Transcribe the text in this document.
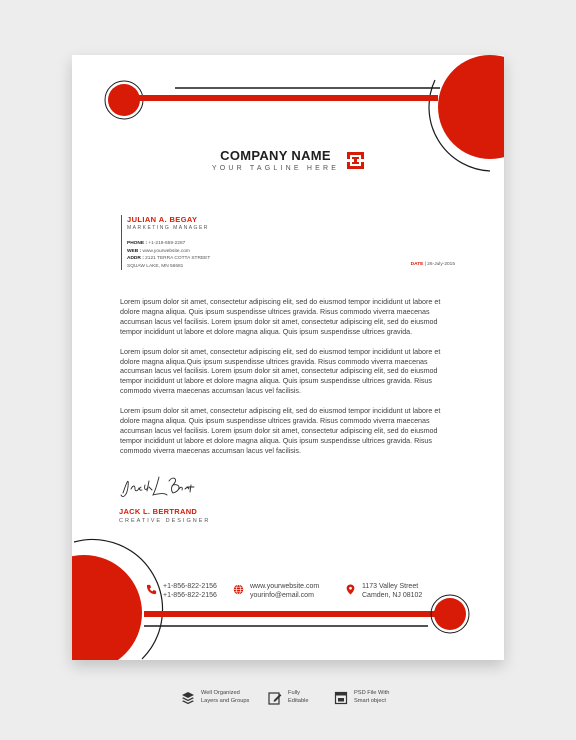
COMPANY NAME
YOUR TAGLINE HERE
JULIAN A. BEGAY
MARKETING MANAGER
PHONE : +1-218-659-2287
WEB : www.yourwebsite.com
ADDR : 2121 TERRA COTTA STREET
SQUAW LAKE, MN 56681	DATE | 26-July-2015

Lorem ipsum dolor sit amet, consectetur adipiscing elit, sed do eiusmod tempor incididunt ut labore et dolore magna aliqua. Quis ipsum suspendisse ultrices gravida. Risus commodo viverra maecenas accumsan lacus vel facilisis. Lorem ipsum dolor sit amet, consectetur adipiscing elit, sed do eiusmod tempor incididunt ut labore et dolore magna aliqua. Quis ipsum suspendisse ultrices gravida.

Lorem ipsum dolor sit amet, consectetur adipiscing elit, sed do eiusmod tempor incididunt ut labore et dolore magna aliqua.Quis ipsum suspendisse ultrices gravida. Risus commodo viverra maecenas accumsan lacus vel facilisis. Lorem ipsum dolor sit amet, consectetur adipiscing elit, sed do eiusmod tempor incididunt ut labore et dolore magna aliqua. Quis ipsum suspendisse ultrices gravida. Risus commodo viverra maecenas accumsan lacus vel facilisis.

Lorem ipsum dolor sit amet, consectetur adipiscing elit, sed do eiusmod tempor incididunt ut labore et dolore magna aliqua. Quis ipsum suspendisse ultrices gravida. Risus commodo viverra maecenas accumsan lacus vel facilisis. Lorem ipsum dolor sit amet, consectetur adipiscing elit, sed do eiusmod tempor incididunt ut labore et dolore magna aliqua. Quis ipsum suspendisse ultrices gravida. Risus commodo viverra maecenas accumsan lacus vel facilisis.

JACK L. BERTRAND
CREATIVE DESIGNER
+1-856-822-2156
+1-856-822-2156
www.yourwebsite.com
yourinfo@email.com
1173 Valley Street
Camden, NJ 08102
Well Organized
Layers and Groups
Fully
Editable
PSD File With
Smart object
